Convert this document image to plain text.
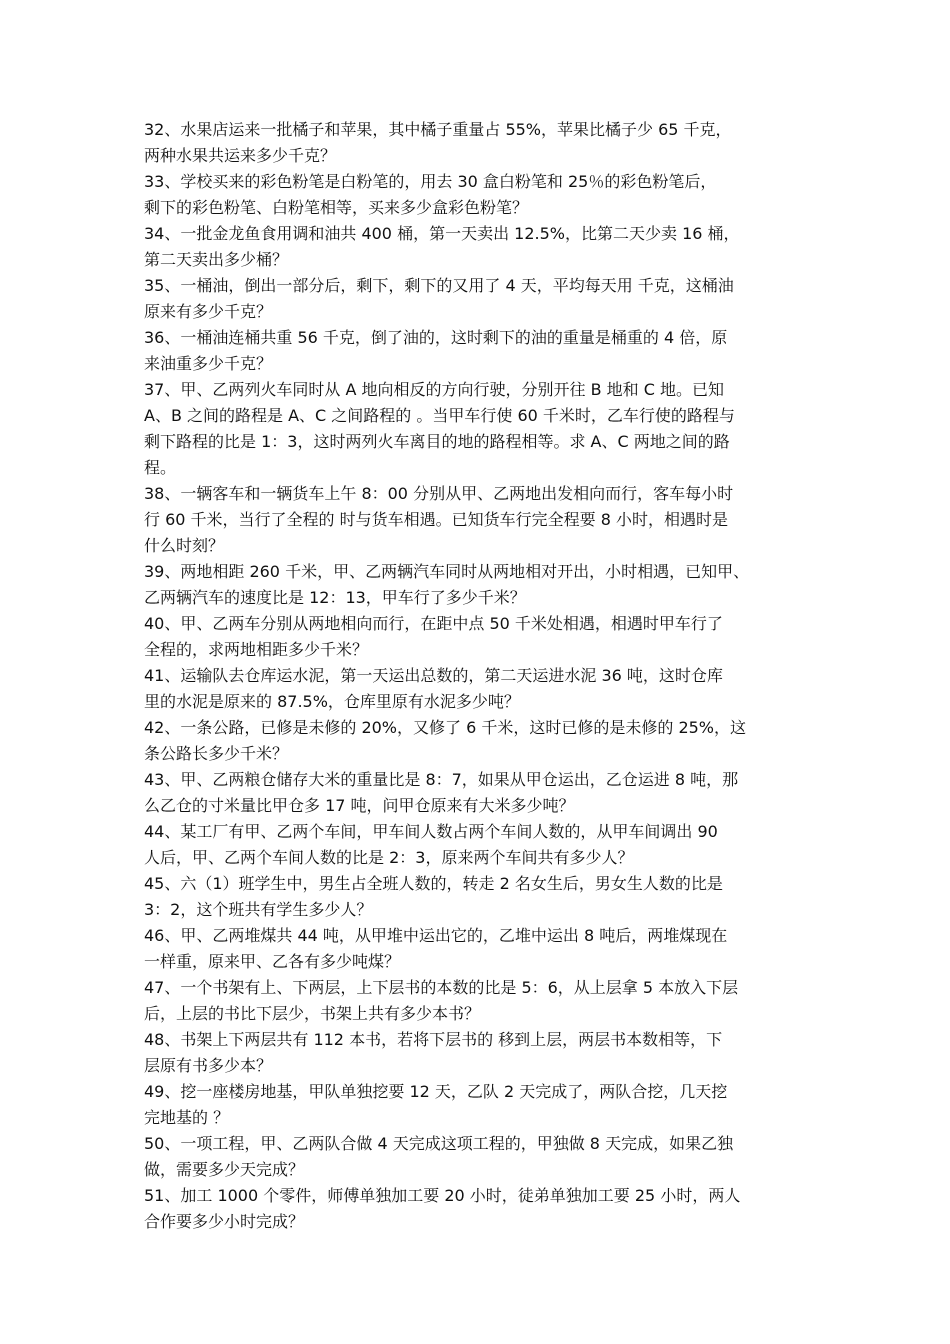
32、水果店运来一批橘子和苹果，其中橘子重量占 55%，苹果比橘子少 65 千克，
两种水果共运来多少千克？
33、学校买来的彩色粉笔是白粉笔的，用去 30 盒白粉笔和 25％的彩色粉笔后，
剩下的彩色粉笔、白粉笔相等，买来多少盒彩色粉笔？
34、一批金龙鱼食用调和油共 400 桶，第一天卖出 12.5%，比第二天少卖 16 桶，
第二天卖出多少桶？
35、一桶油，倒出一部分后，剩下，剩下的又用了 4 天，平均每天用 千克，这桶油
原来有多少千克？
36、一桶油连桶共重 56 千克，倒了油的，这时剩下的油的重量是桶重的 4 倍，原
来油重多少千克？
37、甲、乙两列火车同时从 A 地向相反的方向行驶，分别开往 B 地和 C 地。已知
A、B 之间的路程是 A、C 之间路程的 。当甲车行使 60 千米时，乙车行使的路程与
剩下路程的比是 1：3，这时两列火车离目的地的路程相等。求 A、C 两地之间的路
程。
38、一辆客车和一辆货车上午 8：00 分别从甲、乙两地出发相向而行，客车每小时
行 60 千米，当行了全程的 时与货车相遇。已知货车行完全程要 8 小时，相遇时是
什么时刻？
39、两地相距 260 千米，甲、乙两辆汽车同时从两地相对开出，小时相遇，已知甲、
乙两辆汽车的速度比是 12：13，甲车行了多少千米？
40、甲、乙两车分别从两地相向而行，在距中点 50 千米处相遇，相遇时甲车行了
全程的，求两地相距多少千米？
41、运输队去仓库运水泥，第一天运出总数的，第二天运进水泥 36 吨，这时仓库
里的水泥是原来的 87.5%，仓库里原有水泥多少吨？
42、一条公路，已修是未修的 20%，又修了 6 千米，这时已修的是未修的 25%，这
条公路长多少千米？
43、甲、乙两粮仓储存大米的重量比是 8：7，如果从甲仓运出，乙仓运进 8 吨，那
么乙仓的寸米量比甲仓多 17 吨，问甲仓原来有大米多少吨？
44、某工厂有甲、乙两个车间，甲车间人数占两个车间人数的，从甲车间调出 90
人后，甲、乙两个车间人数的比是 2：3，原来两个车间共有多少人？
45、六（1）班学生中，男生占全班人数的，转走 2 名女生后，男女生人数的比是
3：2，这个班共有学生多少人？
46、甲、乙两堆煤共 44 吨，从甲堆中运出它的，乙堆中运出 8 吨后，两堆煤现在
一样重，原来甲、乙各有多少吨煤？
47、一个书架有上、下两层，上下层书的本数的比是 5：6，从上层拿 5 本放入下层
后，上层的书比下层少，书架上共有多少本书？
48、书架上下两层共有 112 本书，若将下层书的 移到上层，两层书本数相等，下
层原有书多少本？
49、挖一座楼房地基，甲队单独挖要 12 天，乙队 2 天完成了，两队合挖，几天挖
完地基的 ？
50、一项工程，甲、乙两队合做 4 天完成这项工程的，甲独做 8 天完成，如果乙独
做，需要多少天完成？
51、加工 1000 个零件，师傅单独加工要 20 小时，徒弟单独加工要 25 小时，两人
合作要多少小时完成？
